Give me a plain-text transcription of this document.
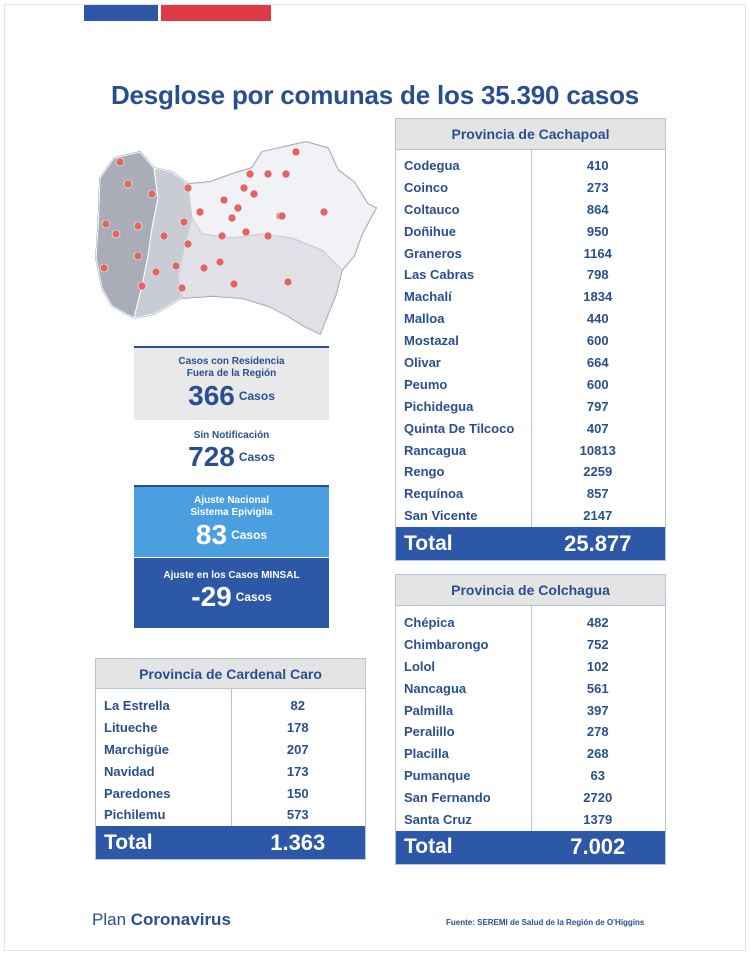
Desglose por comunas de los 35.390 casos
Casos con Residencia
Fuera de la Región
366 Casos
Sin Notificación
728 Casos
Ajuste Nacional
Sistema Epivigila
83 Casos
Ajuste en los Casos MINSAL
-29 Casos
Provincia de Cachapoal
Codegua	410
Coinco	273
Coltauco	864
Doñihue	950
Graneros	1164
Las Cabras	798
Machalí	1834
Malloa	440
Mostazal	600
Olivar	664
Peumo	600
Pichidegua	797
Quinta De Tilcoco	407
Rancagua	10813
Rengo	2259
Requínoa	857
San Vicente	2147
Total	25.877
Provincia de Colchagua
Chépica	482
Chimbarongo	752
Lolol	102
Nancagua	561
Palmilla	397
Peralillo	278
Placilla	268
Pumanque	63
San Fernando	2720
Santa Cruz	1379
Total	7.002
Provincia de Cardenal Caro
La Estrella	82
Litueche	178
Marchigüe	207
Navidad	173
Paredones	150
Pichilemu	573
Total	1.363
Plan Coronavirus	Fuente: SEREMI de Salud de la Región de O'Higgins
